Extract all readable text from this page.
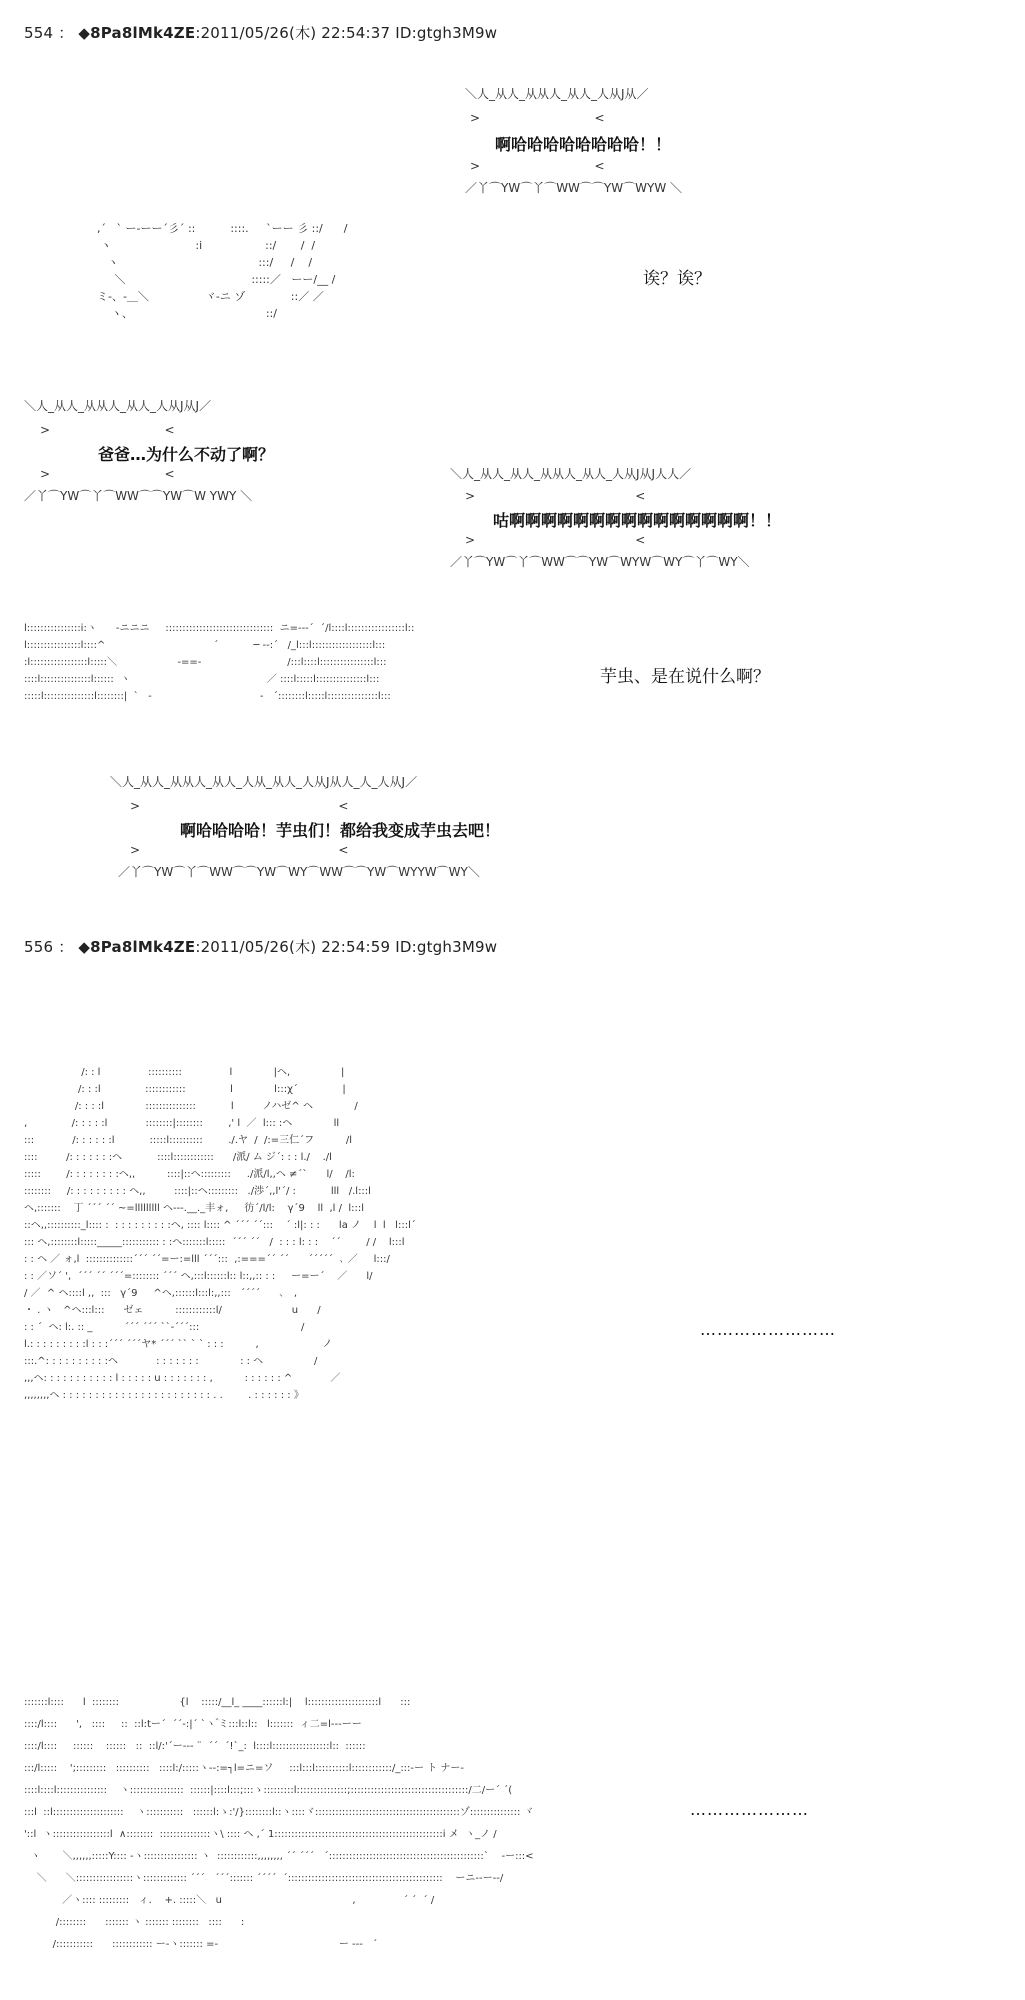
554 ： ◆8Pa8lMk4ZE:2011/05/26(木) 22:54:37 ID:gtgh3M9w
＼人_从人_从从人_从人_人从J从／
>                              <
啊哈哈哈哈哈哈哈哈！！
>                              <
／丫⌒YW⌒丫⌒WW⌒⌒YW⌒WYW ＼
,´   ` ー-ーー´彡´ ::          ::::.     `ーー 彡 ::/      /
ヽ                        :i                  ::/       /  /
ヽ                                        :::/     /    /
＼                                    :::::／   ーー/__ /
ミ-、-＿＼                ヾ-ニ ゾ             ::／ ／
ヽ、                                      ::/
诶？诶？
＼人_从人_从从人_从人_人从J从J／
>                              <
爸爸…为什么不动了啊？
>                              <
／丫⌒YW⌒丫⌒WW⌒⌒YW⌒W YWY ＼
＼人_从人_从人_从从人_从人_人从J从J人人／
>                                          <
咕啊啊啊啊啊啊啊啊啊啊啊啊啊啊啊！！
>                                          <
／丫⌒YW⌒丫⌒WW⌒⌒YW⌒WYW⌒WY⌒丫⌒WY＼
l::::::::::::::::i:ヽ      -ニニニ     ::::::::::::::::::::::::::::::::  ニ=---´  ´/l::::l:::::::::::::::::l::
l::::::::::::::::l::::^                                  ´           ─ ‐-:´   /_l:::l::::::::::::::::::l:::
:l:::::::::::::::::l:::::＼                   -==-                           /:::l::::l::::::::::::::::l:::
::::l:::::::::::::::l::::::  ヽ                                           ／ ::::l:::::l:::::::::::::::l:::
:::::l:::::::::::::::l::::::::|  `   -                                  -   ´::::::::l:::::l:::::::::::::::l:::
芋虫、是在说什么啊？
＼人_从人_从从人_从人_人从_从人_人从J从人_人_人从J／
>                                                    <
啊哈哈哈哈！芋虫们！都给我变成芋虫去吧！
>                                                    <
／丫⌒YW⌒丫⌒WW⌒⌒YW⌒WY⌒WW⌒⌒YW⌒WYYW⌒WY＼
556 ： ◆8Pa8lMk4ZE:2011/05/26(木) 22:54:59 ID:gtgh3M9w
/: : l               ::::::::::               l             |ヘ,                |
/: : :l              ::::::::::::              l             l:::χ´              |
/: : : :l             :::::::::::::::           l         ノハゼ^ ヘ             /
,              /: : : : :l            ::::::::|::::::::        ,' l  ／  l::: :ヘ             ll
:::            /: : : : : :l           :::::l::::::::::        ./.ヤ  /  /:=三仁´フ          /l
::::         /: : : : : : :ヘ           ::::l::::::::::::      /派/ ム ジ´: : : l./    ./l
:::::        /: : : : : : : :ヘ,,          ::::|::ヘ:::::::::     ./派/l,,ヘ ≠´`      l/    /l:
::::::::     /: : : : : : : : : ヘ,,         ::::|::ヘ:::::::::   ./渉´,,l'´/ :           lll   /.l:::l
ヘ,:::::::    丁 ´´´ ´´ ~=lllllllll ヘ---.__._丰ォ,     彷´/l/l:    γ´9    ll  ,l /  l:::l
::ヘ,,::::::::::_l:::: :  : : : : : : : : :ヘ, :::: l:::: ^ ´´´ ´´:::    ´ :l|: : :      la ノ    l  l   l:::l´
::: ヘ,::::::::l:::::_____::::::::::: : :ヘ:::::::l:::::  ´´´ ´´   /  : : : l: : :    ´´        / /    l:::l
: : ヘ ／ ォ,l  ::::::::::::::´´´ ´´=ー:=lll ´´´:::  ,:===´´ ´´      ´´´´´  ､ ／     l:::/
: : ／ソ´ ',  ´´´ ´´ ´´´=:::::::: ´´´ ヘ,:::l::::::l:: l::,,:: : :     ー=ー´    ／      l/
/ ／  ^ ヘ::::l ,,  :::   γ´9     ^ヘ,::::::l:::l:,,:::   ´´´´      ､   ,
・ . ヽ   ^ヘ:::l:::      ゼェ          ::::::::::::l/                      u      /
: : ´  ヘ: l:. :: _          ´´´ ´´´ ``-´´´:::                                /
l.: : : : : : : : :l : : :´´´ ´´´ヤ* ´´´ `` ` ` : : :          ,                    ノ
:::.^: : : : : : : : : :ヘ            : : : : : : :             : : ヘ                /
,,,ヘ: : : : : : : : : : : l : : : : : u : : : : : : : ,          : : : : : : ^            ／
,,,,,,,,ヘ : : : : : : : : : : : : : : : : : : : : : : : . .        . : : : : : : 》
……………………
:::::::l::::      l  ::::::::                   {l    :::::/__l_ ____::::::l:|    l:::::::::::::::::::::l      :::
::::/l::::      ',   ::::     ::  ::l:tー´  ´´-:|´ `ヽ ゙ミ:::l::l::   l:::::::  ィ二=l---ーー
::::/l::::     ::::::    ::::::   ::  ::l/:'´ー--- ¨  ´´  ´!`_:  l::::l:::::::::::::::::l::  ::::::
:::/l:::::    ';:::::::::   ::::::::::   ::::l:/:::::ヽ--:=┐l=ニ=ソ     :::l:::l::::::::::l::::::::::::/_:::-ー ト ナー-
::::l::::l:::::::::::::::    ヽ::::::::::::::::  ::::::|::::l:::;:::ゝ:::::::::l:::::::::::::::;:::::::::::::::::::::::::::::::::::/二/ー´ ´(
:::l  ::l:::::::::::::::::::::    ヽ:::::::::::   ::::::l:ゝ:'/}::::::::l::ヽ::::ヾ:::::::::::::::::::::::::::::::::::::::::::ゾ::::::::::::::: ヾ
'::l  ヽ:::::::::::::::::l  ∧::::::::  :::::::::::::::ヽ\ :::: ヘ ,´ 1::::::::::::::::::::::::::::::::::::::::::::::::::i メ  ヽ_ノ /
ヽ       ＼,,,,,,:::::Y:::: -ヽ:::::::::::::::: ヽ  ::::::::::::,,,,,,,, ´´ ´´´   ´::::::::::::::::::::::::::::::::::::::::::::::`    -ー:::<
＼      ＼:::::::::::::::::ヽ::::::::::::: ´´´   ´´´::::::: ´´´´  ´::::::::::::::::::::::::::::::::::::::::::::::    ーニ--ー--/
／ヽ:::: :::::::::   ィ.    +. :::::＼   u                                         ,               ´ ´  ´ /
/::::::::      ::::::: ヽ ::::::: ::::::::   ::::      :
/:::::::::::      :::::::::::: ー-ヽ::::::: =-                                      ー ---   ´
…………………
